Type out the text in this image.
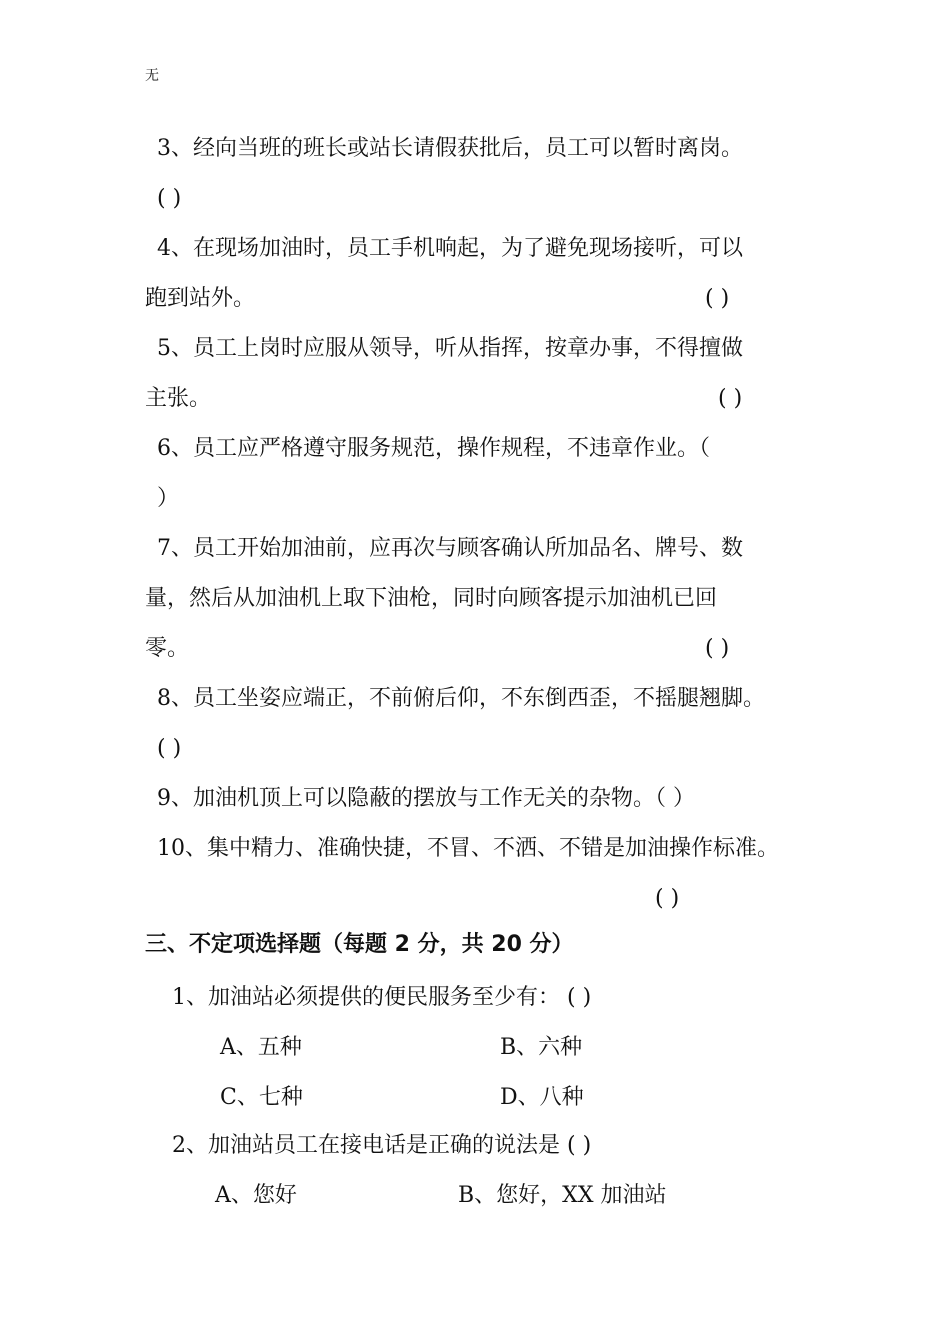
无
3、经向当班的班长或站长请假获批后，员工可以暂时离岗。
( )
4、在现场加油时，员工手机响起，为了避免现场接听，可以
跑到站外。	( )
5、员工上岗时应服从领导，听从指挥，按章办事，不得擅做
主张。	( )
6、员工应严格遵守服务规范，操作规程，不违章作业。（
）
7、员工开始加油前，应再次与顾客确认所加品名、牌号、数
量，然后从加油机上取下油枪，同时向顾客提示加油机已回
零。	( )
8、员工坐姿应端正，不前俯后仰，不东倒西歪，不摇腿翘脚。
( )
9、加油机顶上可以隐蔽的摆放与工作无关的杂物。（ ）
10、集中精力、准确快捷，不冒、不洒、不错是加油操作标准。
( )
三、不定项选择题（每题 2 分，共 20 分）
1、加油站必须提供的便民服务至少有： ( )
A、五种	B、六种
C、七种	D、八种
2、加油站员工在接电话是正确的说法是 ( )
A、您好	B、您好，XX 加油站
